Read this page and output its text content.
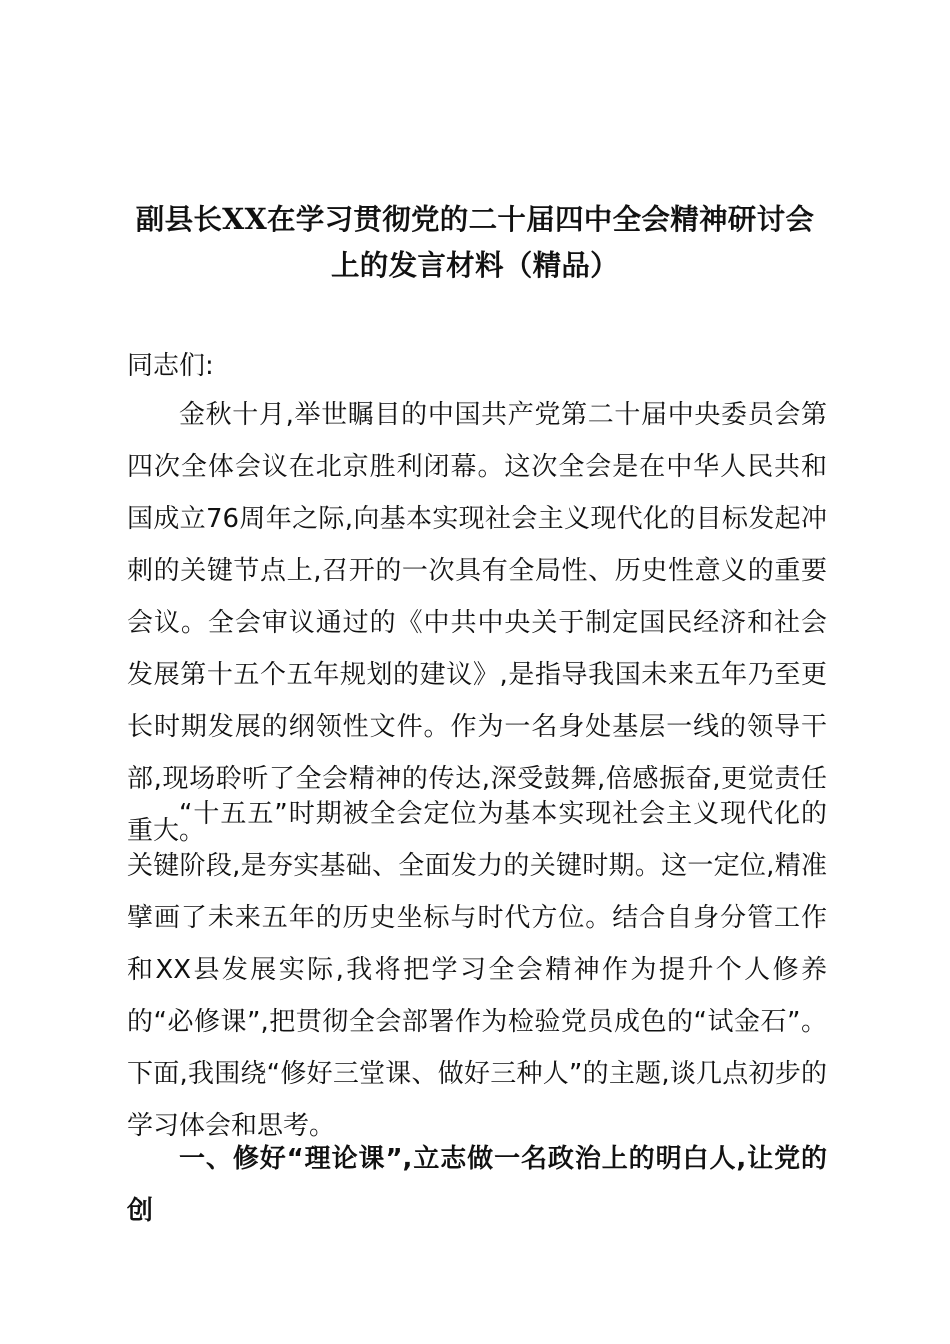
副县长XX在学习贯彻党的二十届四中全会精神研讨会
上的发言材料（精品）

同志们:

金秋十月,举世瞩目的中国共产党第二十届中央委员会第四次全体会议在北京胜利闭幕。这次全会是在中华人民共和国成立76周年之际,向基本实现社会主义现代化的目标发起冲刺的关键节点上,召开的一次具有全局性、历史性意义的重要会议。全会审议通过的《中共中央关于制定国民经济和社会发展第十五个五年规划的建议》,是指导我国未来五年乃至更长时期发展的纲领性文件。作为一名身处基层一线的领导干部,现场聆听了全会精神的传达,深受鼓舞,倍感振奋,更觉责任重大。

“十五五”时期被全会定位为基本实现社会主义现代化的关键阶段,是夯实基础、全面发力的关键时期。这一定位,精准擘画了未来五年的历史坐标与时代方位。结合自身分管工作和XX县发展实际,我将把学习全会精神作为提升个人修养的“必修课”,把贯彻全会部署作为检验党员成色的“试金石”。下面,我围绕“修好三堂课、做好三种人”的主题,谈几点初步的学习体会和思考。

一、修好“理论课”,立志做一名政治上的明白人,让党的创
